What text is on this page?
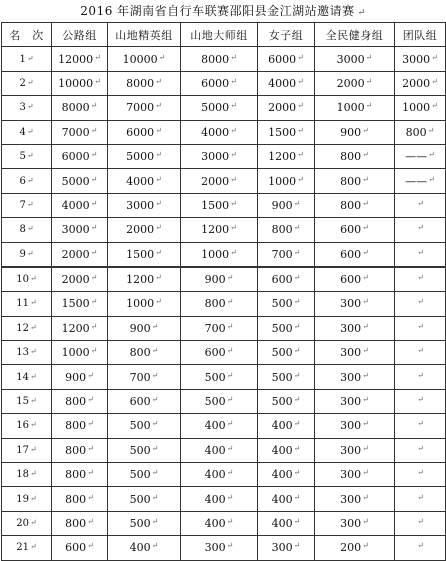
2016 年湖南省自行车联赛邵阳县金江湖站邀请赛 ↵
名　次	公路组	山地精英组	山地大师组	女子组	全民健身组	团队组
1↵	12000↵	10000↵	8000↵	6000↵	3000↵	3000↵
2↵	10000↵	8000↵	6000↵	4000↵	2000↵	2000↵
3↵	8000↵	7000↵	5000↵	2000↵	1000↵	1000↵
4↵	7000↵	6000↵	4000↵	1500↵	900↵	800↵
5↵	6000↵	5000↵	3000↵	1200↵	800↵	——↵
6↵	5000↵	4000↵	2000↵	1000↵	800↵	——↵
7↵	4000↵	3000↵	1500↵	900↵	800↵	↵
8↵	3000↵	2000↵	1200↵	800↵	600↵	↵
9↵	2000↵	1500↵	1000↵	700↵	600↵	↵
10↵	2000↵	1200↵	900↵	600↵	600↵	↵
11↵	1500↵	1000↵	800↵	500↵	300↵	↵
12↵	1200↵	900↵	700↵	500↵	300↵	↵
13↵	1000↵	800↵	600↵	500↵	300↵	↵
14↵	900↵	700↵	500↵	500↵	300↵	↵
15↵	800↵	600↵	500↵	500↵	300↵	↵
16↵	800↵	500↵	400↵	400↵	300↵	↵
17↵	800↵	500↵	400↵	400↵	300↵	↵
18↵	800↵	500↵	400↵	400↵	300↵	↵
19↵	800↵	500↵	400↵	400↵	300↵	↵
20↵	800↵	500↵	400↵	400↵	300↵	↵
21↵	600↵	400↵	300↵	300↵	200↵	↵
